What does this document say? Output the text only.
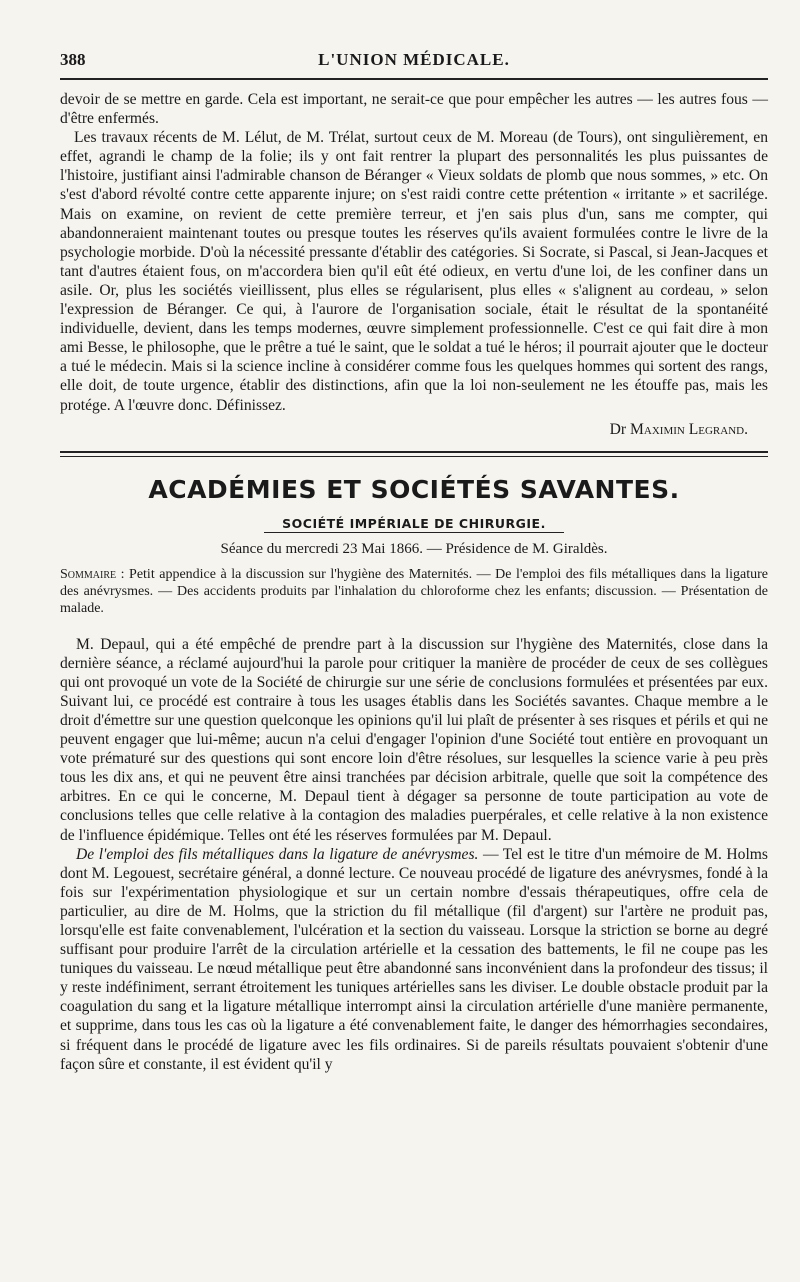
388	L'UNION MÉDICALE.

devoir de se mettre en garde. Cela est important, ne serait-ce que pour empêcher les autres — les autres fous — d'être enfermés.

Les travaux récents de M. Lélut, de M. Trélat, surtout ceux de M. Moreau (de Tours), ont singulièrement, en effet, agrandi le champ de la folie; ils y ont fait rentrer la plupart des personnalités les plus puissantes de l'histoire, justifiant ainsi l'admirable chanson de Béranger « Vieux soldats de plomb que nous sommes, » etc. On s'est d'abord révolté contre cette apparente injure; on s'est raidi contre cette prétention « irritante » et sacrilége. Mais on examine, on revient de cette première terreur, et j'en sais plus d'un, sans me compter, qui abandonneraient maintenant toutes ou presque toutes les réserves qu'ils avaient formulées contre le livre de la psychologie morbide. D'où la nécessité pressante d'établir des catégories. Si Socrate, si Pascal, si Jean-Jacques et tant d'autres étaient fous, on m'accordera bien qu'il eût été odieux, en vertu d'une loi, de les confiner dans un asile. Or, plus les sociétés vieillissent, plus elles se régularisent, plus elles « s'alignent au cordeau, » selon l'expression de Béranger. Ce qui, à l'aurore de l'organisation sociale, était le résultat de la spontanéité individuelle, devient, dans les temps modernes, œuvre simplement professionnelle. C'est ce qui fait dire à mon ami Besse, le philosophe, que le prêtre a tué le saint, que le soldat a tué le héros; il pourrait ajouter que le docteur a tué le médecin. Mais si la science incline à considérer comme fous les quelques hommes qui sortent des rangs, elle doit, de toute urgence, établir des distinctions, afin que la loi non-seulement ne les étouffe pas, mais les protége. A l'œuvre donc. Définissez.

Dr Maximin Legrand.
ACADÉMIES ET SOCIÉTÉS SAVANTES.
SOCIÉTÉ IMPÉRIALE DE CHIRURGIE.
Séance du mercredi 23 Mai 1866. — Présidence de M. Giraldès.
Sommaire : Petit appendice à la discussion sur l'hygiène des Maternités. — De l'emploi des fils métalliques dans la ligature des anévrysmes. — Des accidents produits par l'inhalation du chloroforme chez les enfants; discussion. — Présentation de malade.

M. Depaul, qui a été empêché de prendre part à la discussion sur l'hygiène des Maternités, close dans la dernière séance, a réclamé aujourd'hui la parole pour critiquer la manière de procéder de ceux de ses collègues qui ont provoqué un vote de la Société de chirurgie sur une série de conclusions formulées et présentées par eux. Suivant lui, ce procédé est contraire à tous les usages établis dans les Sociétés savantes. Chaque membre a le droit d'émettre sur une question quelconque les opinions qu'il lui plaît de présenter à ses risques et périls et qui ne peuvent engager que lui-même; aucun n'a celui d'engager l'opinion d'une Société tout entière en provoquant un vote prématuré sur des questions qui sont encore loin d'être résolues, sur lesquelles la science varie à peu près tous les dix ans, et qui ne peuvent être ainsi tranchées par décision arbitrale, quelle que soit la compétence des arbitres. En ce qui le concerne, M. Depaul tient à dégager sa personne de toute participation au vote de conclusions telles que celle relative à la contagion des maladies puerpérales, et celle relative à la non existence de l'influence épidémique. Telles ont été les réserves formulées par M. Depaul.

De l'emploi des fils métalliques dans la ligature de anévrysmes. — Tel est le titre d'un mémoire de M. Holms dont M. Legouest, secrétaire général, a donné lecture. Ce nouveau procédé de ligature des anévrysmes, fondé à la fois sur l'expérimentation physiologique et sur un certain nombre d'essais thérapeutiques, offre cela de particulier, au dire de M. Holms, que la striction du fil métallique (fil d'argent) sur l'artère ne produit pas, lorsqu'elle est faite convenablement, l'ulcération et la section du vaisseau. Lorsque la striction se borne au degré suffisant pour produire l'arrêt de la circulation artérielle et la cessation des battements, le fil ne coupe pas les tuniques du vaisseau. Le nœud métallique peut être abandonné sans inconvénient dans la profondeur des tissus; il y reste indéfiniment, serrant étroitement les tuniques artérielles sans les diviser. Le double obstacle produit par la coagulation du sang et la ligature métallique interrompt ainsi la circulation artérielle d'une manière permanente, et supprime, dans tous les cas où la ligature a été convenablement faite, le danger des hémorrhagies secondaires, si fréquent dans le procédé de ligature avec les fils ordinaires. Si de pareils résultats pouvaient s'obtenir d'une façon sûre et constante, il est évident qu'il y
